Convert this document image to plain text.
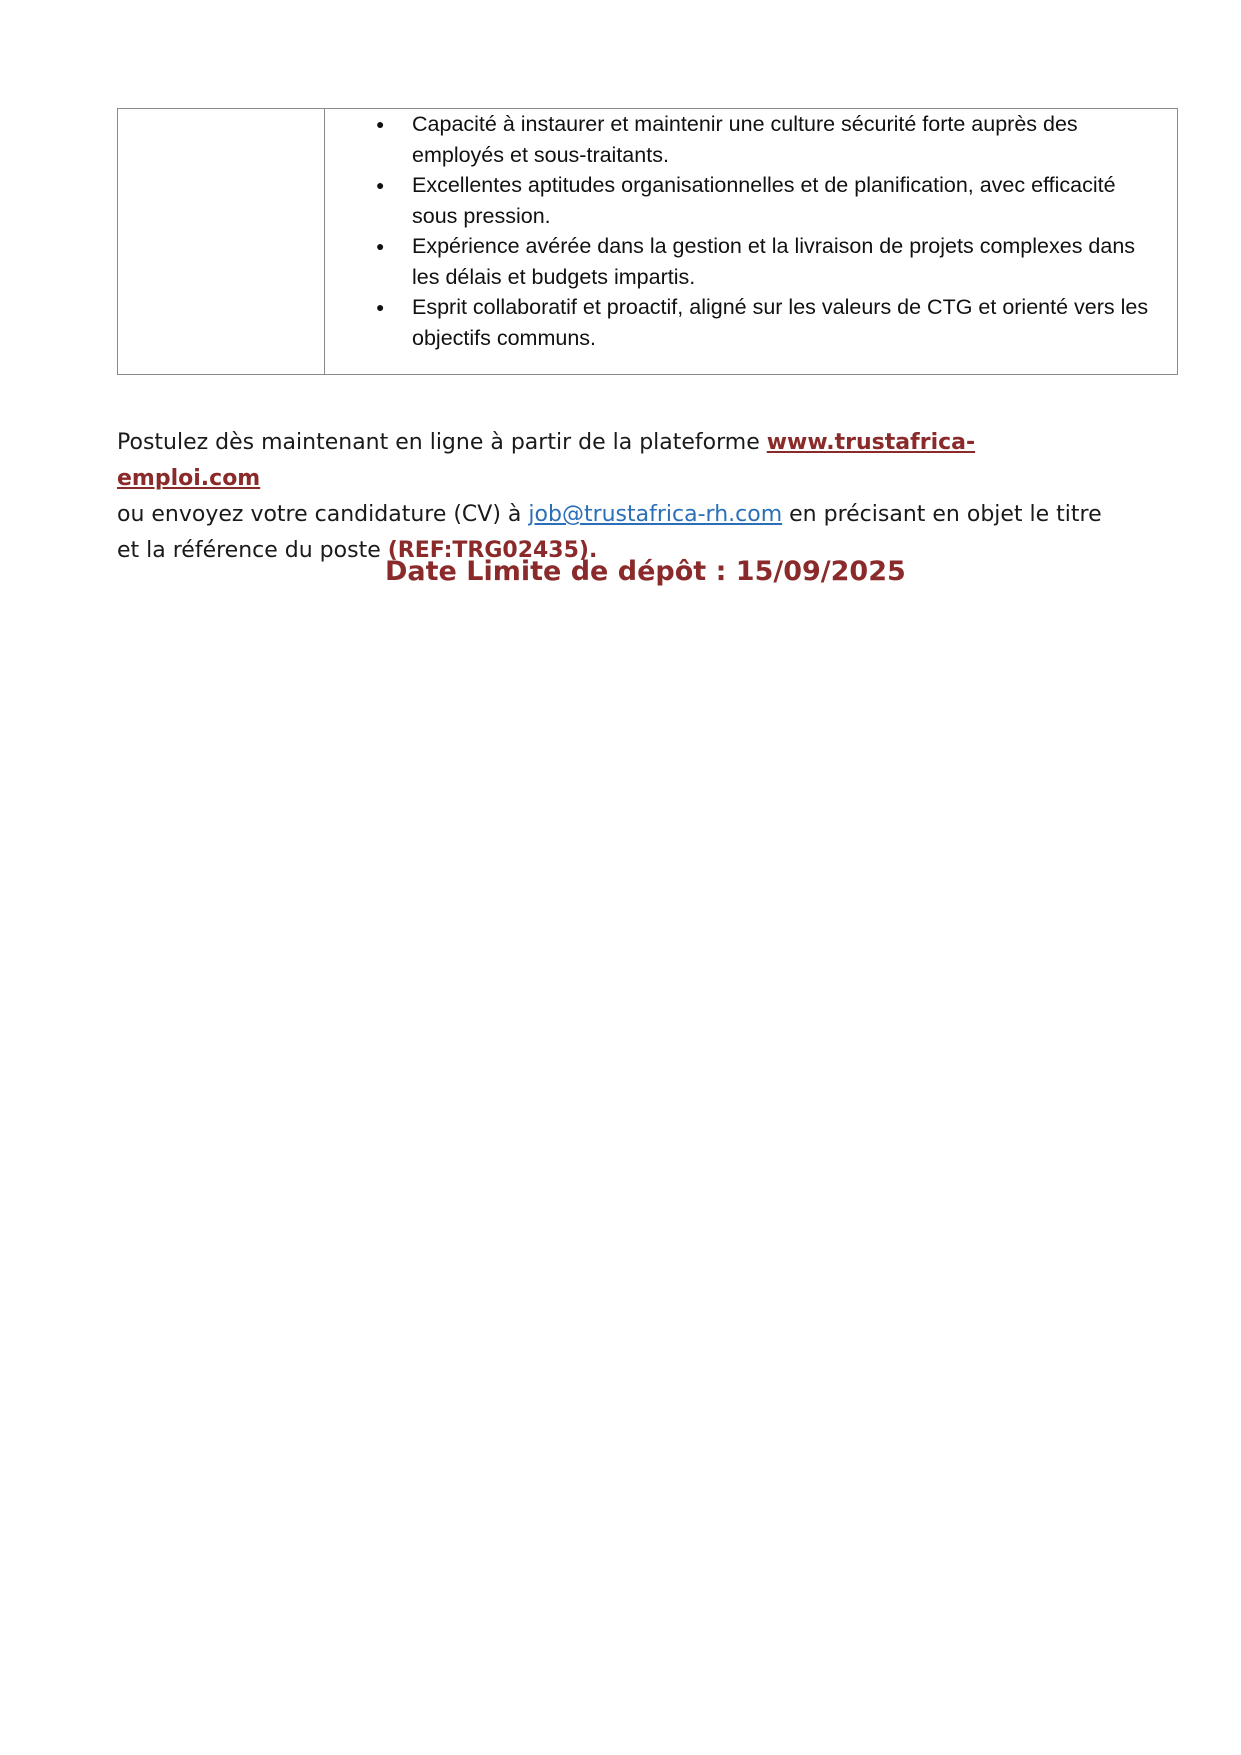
● Capacité à instaurer et maintenir une culture sécurité forte auprès des employés et sous-traitants.
● Excellentes aptitudes organisationnelles et de planification, avec efficacité sous pression.
● Expérience avérée dans la gestion et la livraison de projets complexes dans les délais et budgets impartis.
● Esprit collaboratif et proactif, aligné sur les valeurs de CTG et orienté vers les objectifs communs.

Postulez dès maintenant en ligne à partir de la plateforme www.trustafrica-emploi.com
ou envoyez votre candidature (CV) à job@trustafrica-rh.com en précisant en objet le titre et la référence du poste (REF:TRG02435).

Date Limite de dépôt : 15/09/2025
